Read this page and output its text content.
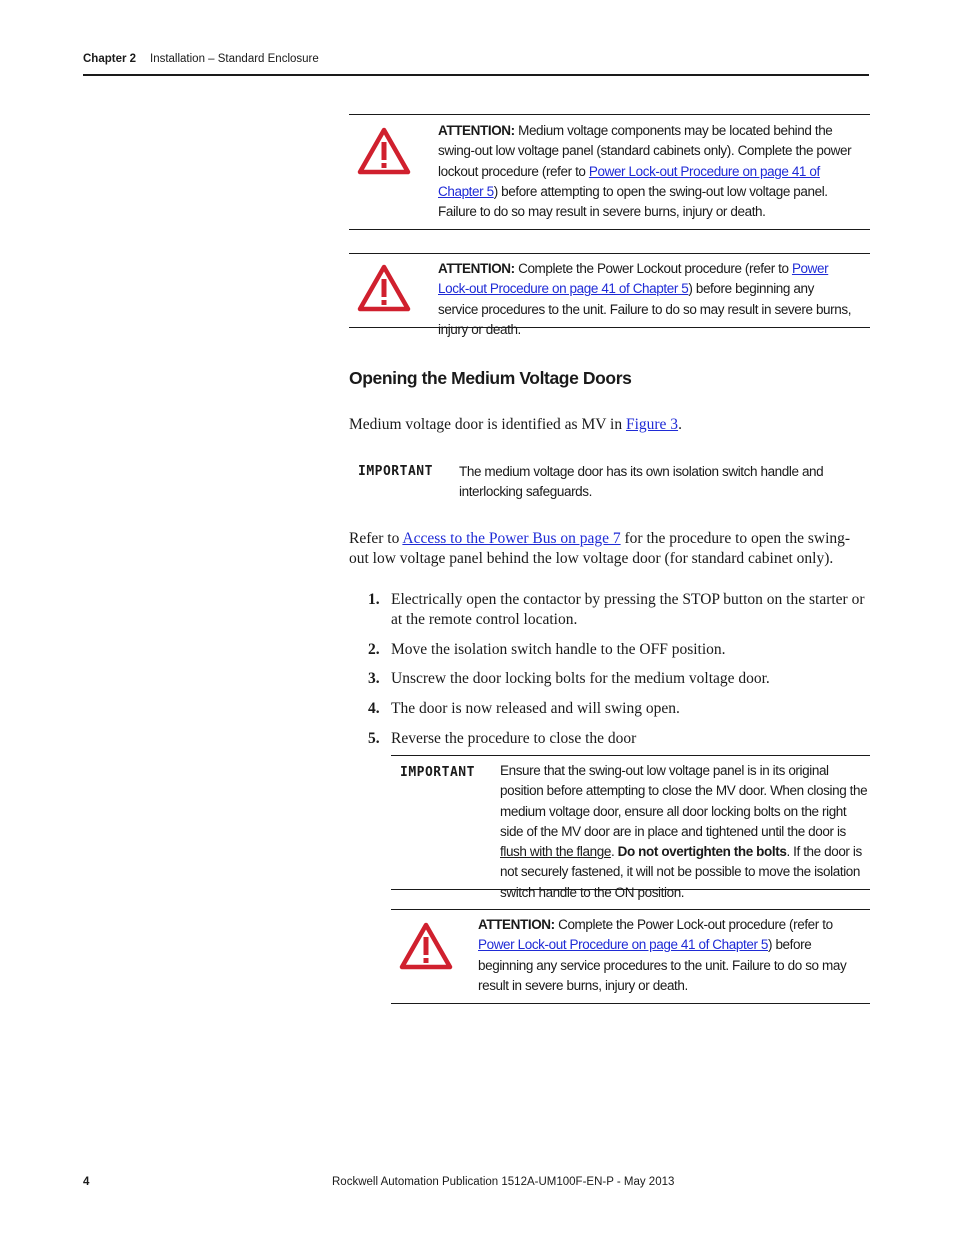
Chapter 2 Installation – Standard Enclosure
ATTENTION: Medium voltage components may be located behind the swing-out low voltage panel (standard cabinets only). Complete the power lockout procedure (refer to Power Lock-out Procedure on page 41 of Chapter 5) before attempting to open the swing-out low voltage panel. Failure to do so may result in severe burns, injury or death.
ATTENTION: Complete the Power Lockout procedure (refer to Power Lock-out Procedure on page 41 of Chapter 5) before beginning any service procedures to the unit. Failure to do so may result in severe burns, injury or death.
Opening the Medium Voltage Doors
Medium voltage door is identified as MV in Figure 3.
IMPORTANT The medium voltage door has its own isolation switch handle and interlocking safeguards.
Refer to Access to the Power Bus on page 7 for the procedure to open the swing-out low voltage panel behind the low voltage door (for standard cabinet only).
1. Electrically open the contactor by pressing the STOP button on the starter or at the remote control location.
2. Move the isolation switch handle to the OFF position.
3. Unscrew the door locking bolts for the medium voltage door.
4. The door is now released and will swing open.
5. Reverse the procedure to close the door
IMPORTANT Ensure that the swing-out low voltage panel is in its original position before attempting to close the MV door. When closing the medium voltage door, ensure all door locking bolts on the right side of the MV door are in place and tightened until the door is flush with the flange. Do not overtighten the bolts. If the door is not securely fastened, it will not be possible to move the isolation switch handle to the ON position.
ATTENTION: Complete the Power Lock-out procedure (refer to Power Lock-out Procedure on page 41 of Chapter 5) before beginning any service procedures to the unit. Failure to do so may result in severe burns, injury or death.
4	Rockwell Automation Publication 1512A-UM100F-EN-P - May 2013
